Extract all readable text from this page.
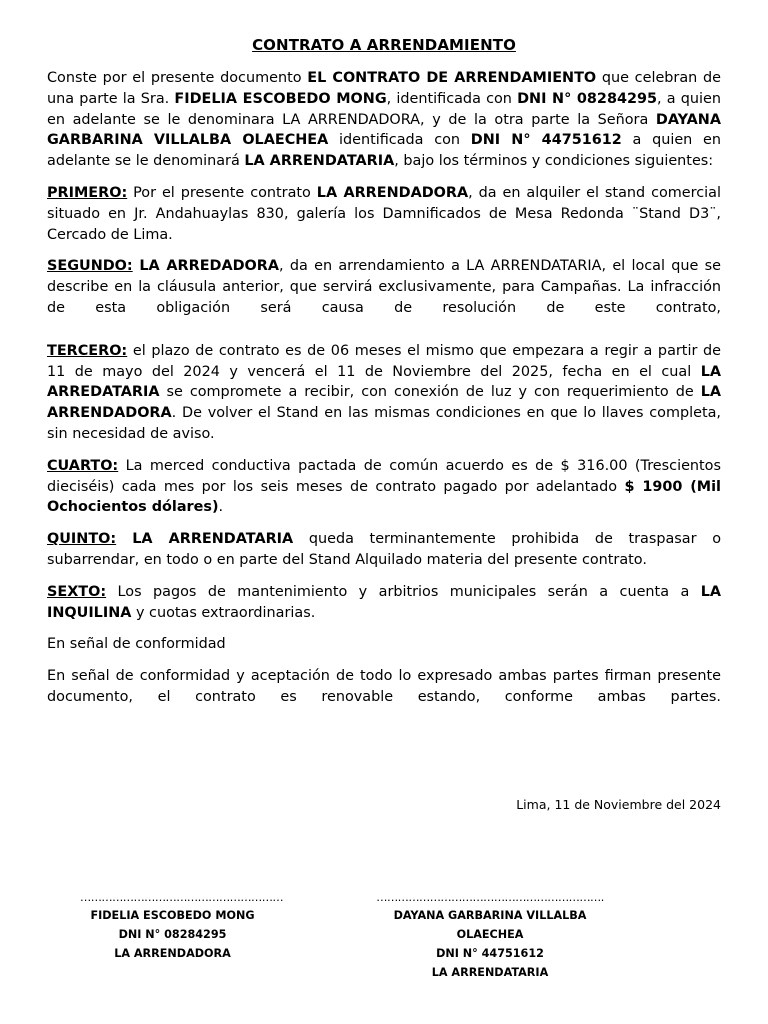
CONTRATO A ARRENDAMIENTO

Conste por el presente documento EL CONTRATO DE ARRENDAMIENTO que celebran de una parte la Sra. FIDELIA ESCOBEDO MONG, identificada con DNI N° 08284295, a quien en adelante se le denominara LA ARRENDADORA, y de la otra parte la Señora DAYANA GARBARINA VILLALBA OLAECHEA identificada con DNI N° 44751612 a quien en adelante se le denominará LA ARRENDATARIA, bajo los términos y condiciones siguientes:

PRIMERO: Por el presente contrato LA ARRENDADORA, da en alquiler el stand comercial situado en Jr. Andahuaylas 830, galería los Damnificados de Mesa Redonda ¨Stand D3¨, Cercado de Lima.

SEGUNDO: LA ARREDADORA, da en arrendamiento a LA ARRENDATARIA, el local que se describe en la cláusula anterior, que servirá exclusivamente, para Campañas. La infracción de esta obligación será causa de resolución de este contrato,

TERCERO: el plazo de contrato es de 06 meses el mismo que empezara a regir a partir de 11 de mayo del 2024 y vencerá el 11 de Noviembre del 2025, fecha en el cual LA ARREDATARIA se compromete a recibir, con conexión de luz y con requerimiento de LA ARRENDADORA. De volver el Stand en las mismas condiciones en que lo llaves completa, sin necesidad de aviso.

CUARTO: La merced conductiva pactada de común acuerdo es de $ 316.00 (Trescientos dieciséis) cada mes por los seis meses de contrato pagado por adelantado $ 1900 (Mil Ochocientos dólares).

QUINTO: LA ARRENDATARIA queda terminantemente prohibida de traspasar o subarrendar, en todo o en parte del Stand Alquilado materia del presente contrato.

SEXTO: Los pagos de mantenimiento y arbitrios municipales serán a cuenta a LA INQUILINA y cuotas extraordinarias.

En señal de conformidad

En señal de conformidad y aceptación de todo lo expresado ambas partes firman presente documento, el contrato es renovable estando, conforme ambas partes.

Lima, 11 de Noviembre del 2024
…………………………………………………
FIDELIA ESCOBEDO MONG
DNI N° 08284295
LA ARRENDADORA
……………………………………………………….
DAYANA GARBARINA VILLALBA OLAECHEA
DNI N° 44751612
LA ARRENDATARIA
